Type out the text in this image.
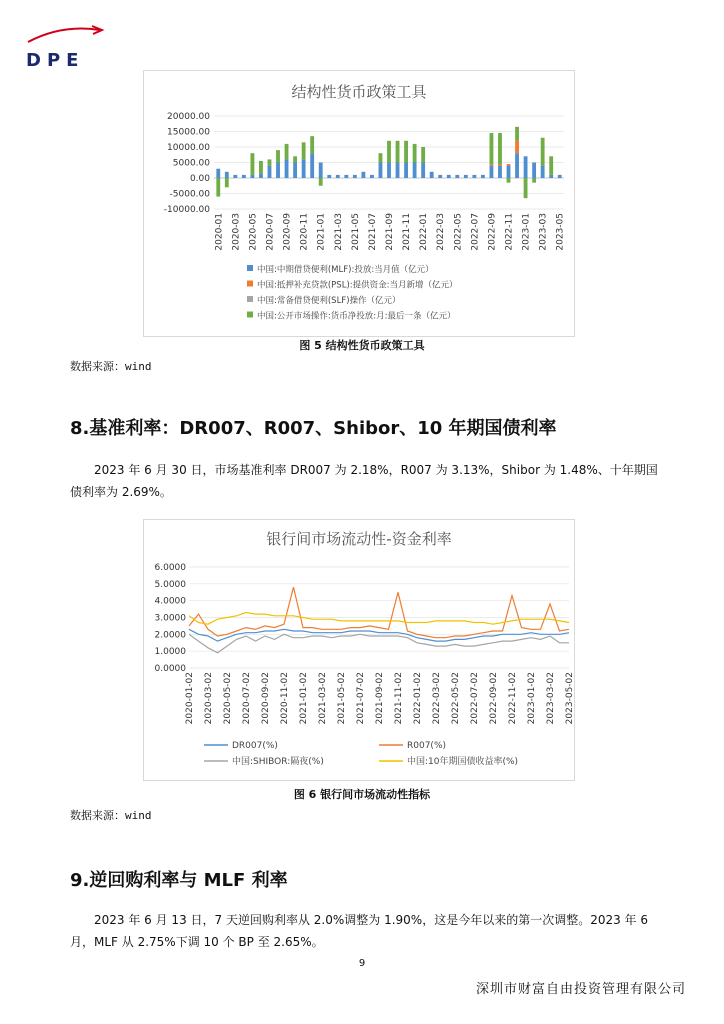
DPE
结构性货币政策工具
20000.00
15000.00
10000.00
5000.00
0.00
-5000.00
-10000.00
2020-01 2020-03 2020-05 2020-07 2020-09 2020-11 2021-01 2021-03 2021-05 2021-07 2021-09 2021-11 2022-01 2022-03 2022-05 2022-07 2022-09 2022-11 2023-01 2023-03 2023-05
中国:中期借贷便利(MLF):投放:当月值（亿元）
中国:抵押补充贷款(PSL):提供资金:当月新增（亿元）
中国:常备借贷便利(SLF)操作（亿元）
中国:公开市场操作:货币净投放:月:最后一条（亿元）
图 5 结构性货币政策工具
数据来源：wind
8.基准利率：DR007、R007、Shibor、10 年期国债利率
2023 年 6 月 30 日，市场基准利率 DR007 为 2.18%，R007 为 3.13%，Shibor 为 1.48%、十年期国债利率为 2.69%。
银行间市场流动性-资金利率
6.0000
5.0000
4.0000
3.0000
2.0000
1.0000
0.0000
2020-01-02 2020-03-02 2020-05-02 2020-07-02 2020-09-02 2020-11-02 2021-01-02 2021-03-02 2021-05-02 2021-07-02 2021-09-02 2021-11-02 2022-01-02 2022-03-02 2022-05-02 2022-07-02 2022-09-02 2022-11-02 2023-01-02 2023-03-02 2023-05-02
DR007(%)	R007(%)
中国:SHIBOR:隔夜(%)	中国:10年期国债收益率(%)
图 6 银行间市场流动性指标
数据来源：wind
9.逆回购利率与 MLF 利率
2023 年 6 月 13 日，7 天逆回购利率从 2.0%调整为 1.90%，这是今年以来的第一次调整。2023 年 6 月，MLF 从 2.75%下调 10 个 BP 至 2.65%。
9
深圳市财富自由投资管理有限公司
